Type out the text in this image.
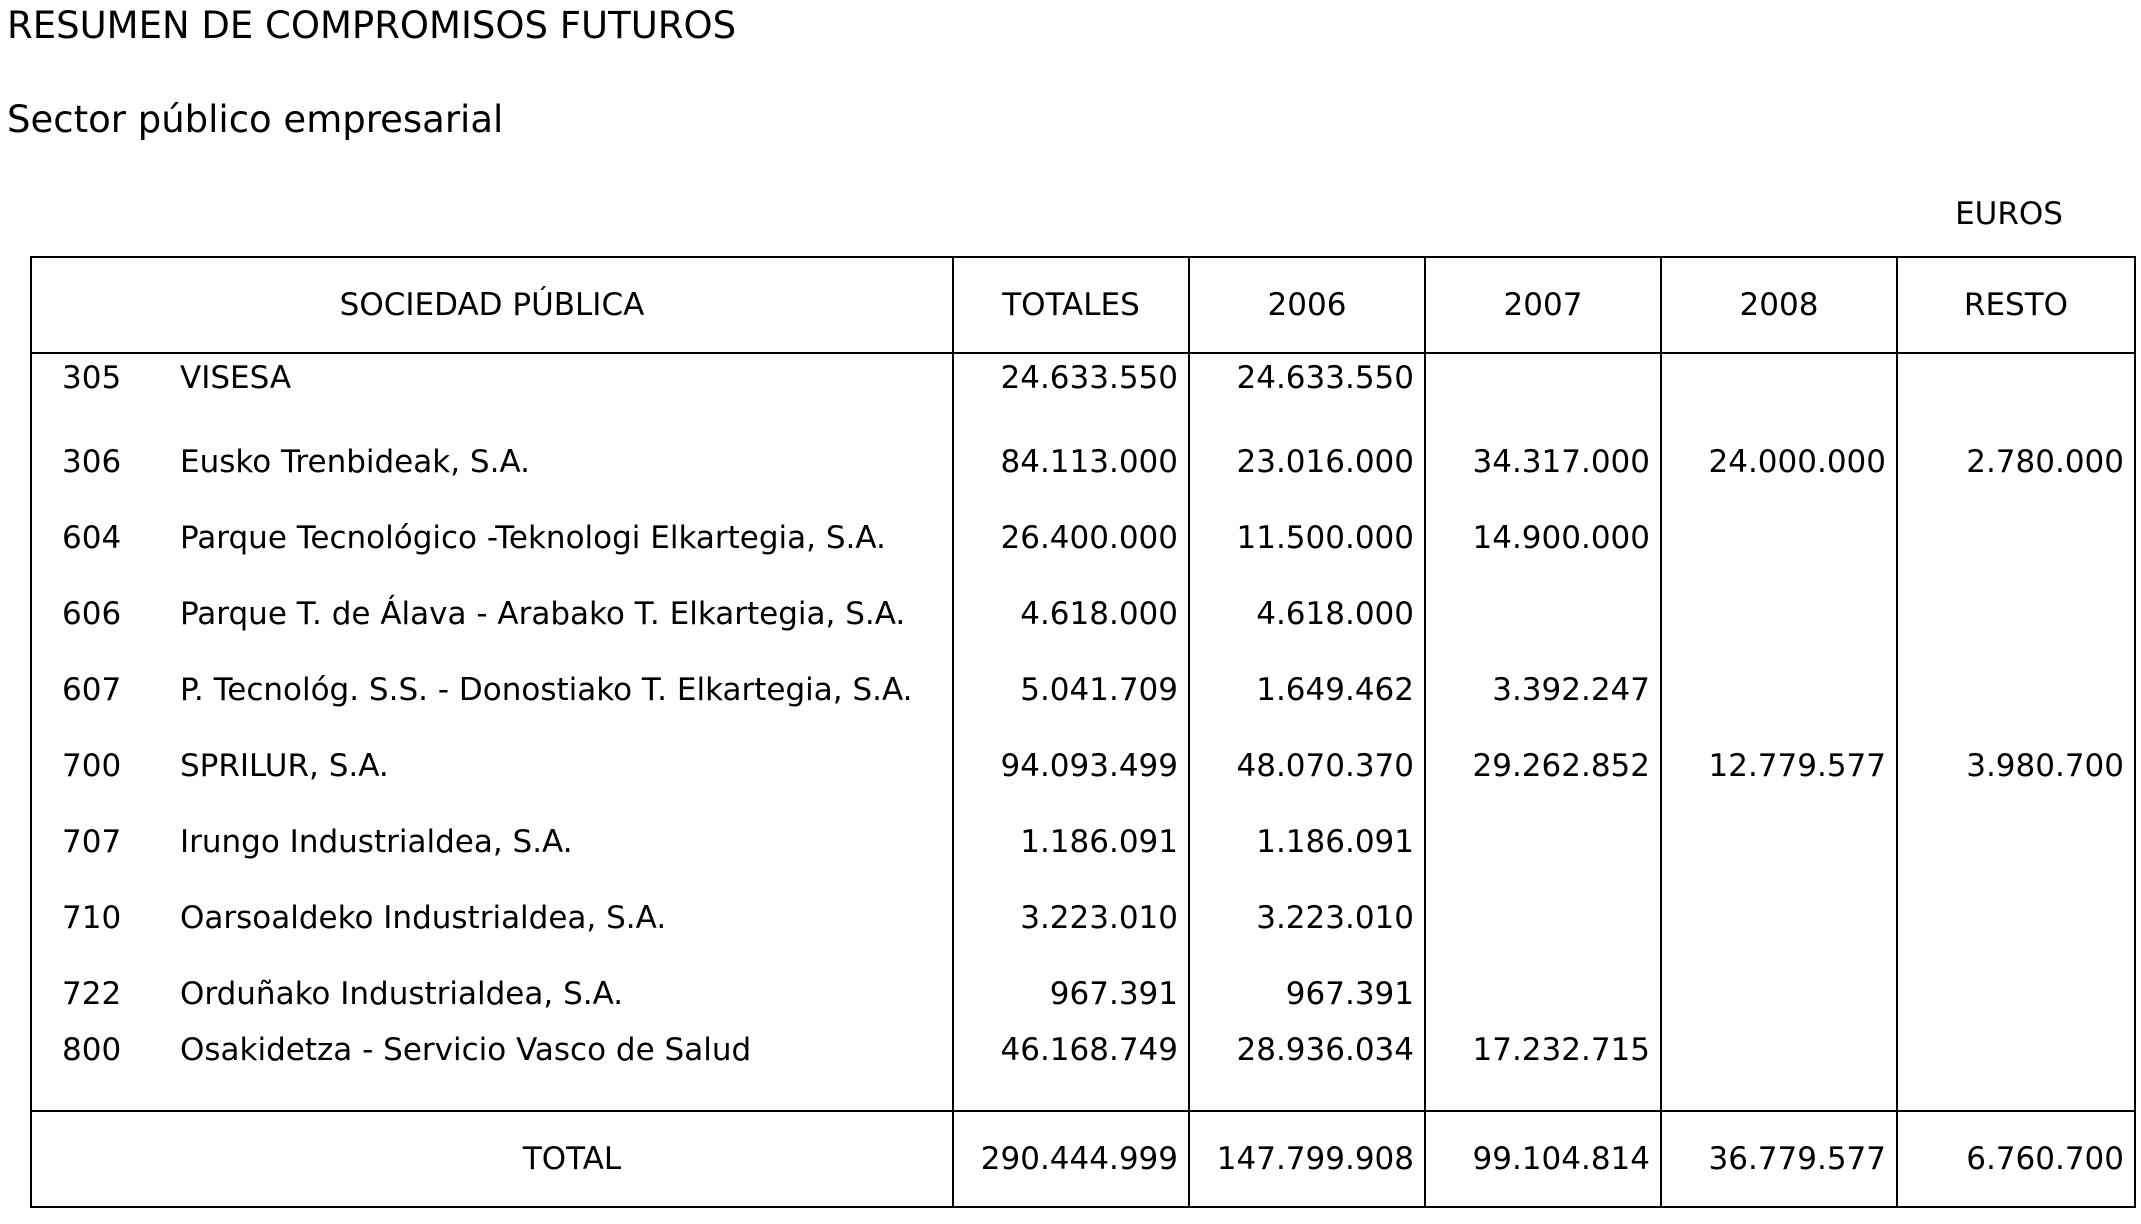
RESUMEN DE COMPROMISOS FUTUROS
Sector público empresarial
EUROS
SOCIEDAD PÚBLICA	TOTALES	2006	2007	2008	RESTO
305 VISESA	24.633.550	24.633.550			
306 Eusko Trenbideak, S.A.	84.113.000	23.016.000	34.317.000	24.000.000	2.780.000
604 Parque Tecnológico -Teknologi Elkartegia, S.A.	26.400.000	11.500.000	14.900.000		
606 Parque T. de Álava - Arabako T. Elkartegia, S.A.	4.618.000	4.618.000			
607 P. Tecnológ. S.S. - Donostiako T. Elkartegia, S.A.	5.041.709	1.649.462	3.392.247		
700 SPRILUR, S.A.	94.093.499	48.070.370	29.262.852	12.779.577	3.980.700
707 Irungo Industrialdea, S.A.	1.186.091	1.186.091			
710 Oarsoaldeko Industrialdea, S.A.	3.223.010	3.223.010			
722 Orduñako Industrialdea, S.A.	967.391	967.391			
800 Osakidetza - Servicio Vasco de Salud	46.168.749	28.936.034	17.232.715		
TOTAL	290.444.999	147.799.908	99.104.814	36.779.577	6.760.700
